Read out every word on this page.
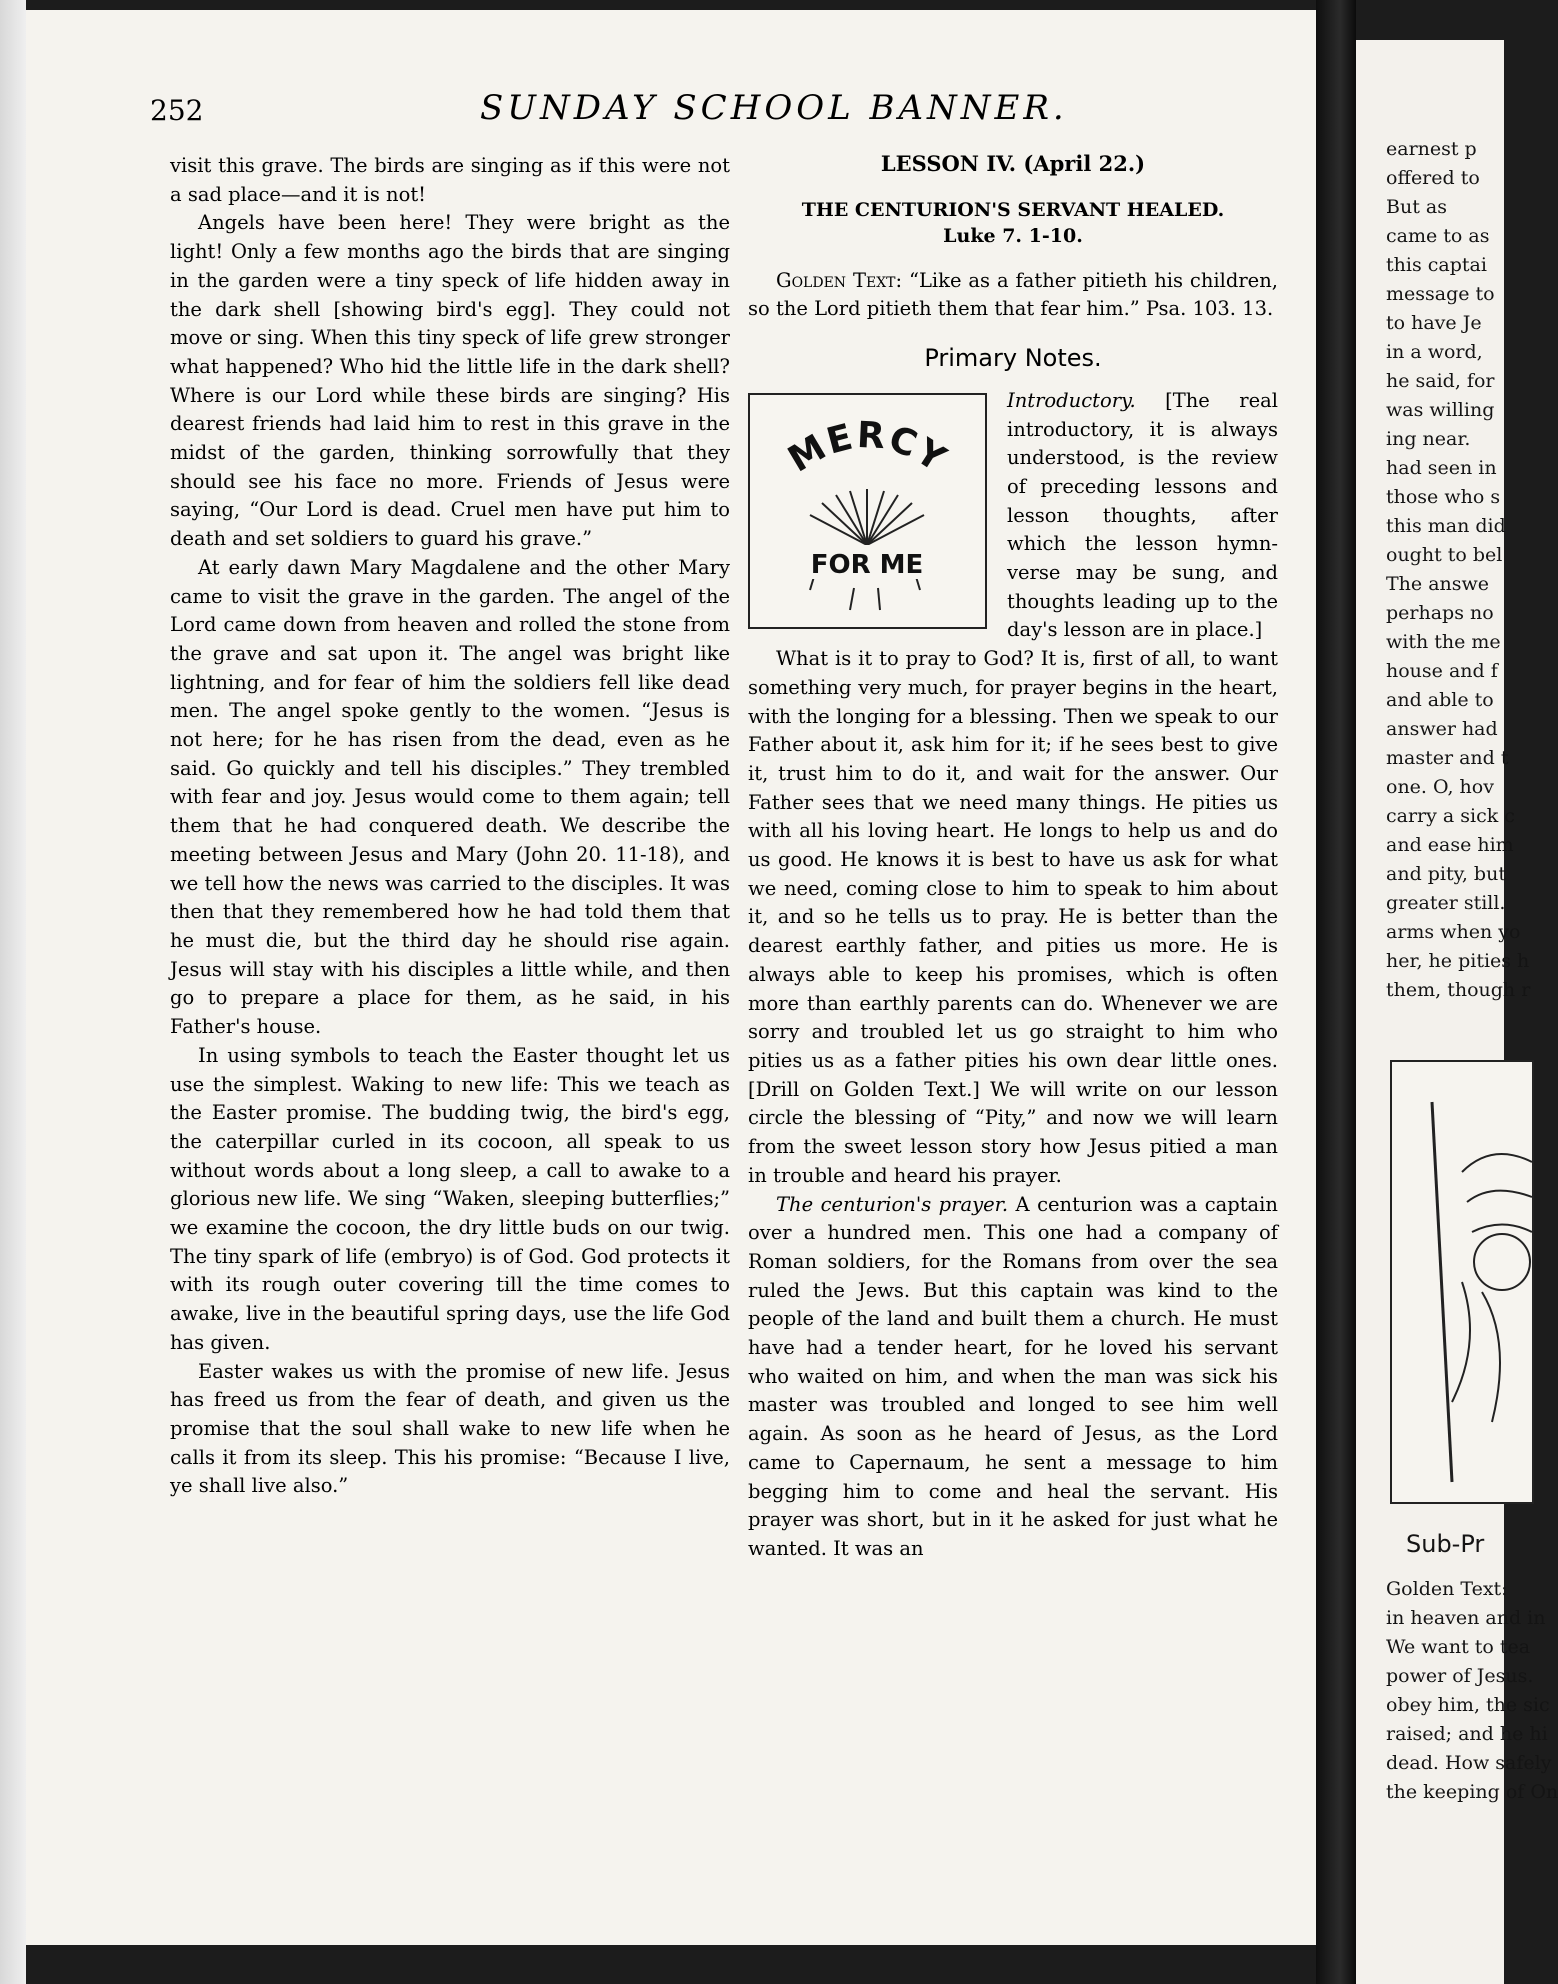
252	SUNDAY SCHOOL BANNER.

visit this grave. The birds are singing as if this were not a sad place—and it is not!

Angels have been here! They were bright as the light! Only a few months ago the birds that are singing in the garden were a tiny speck of life hidden away in the dark shell [showing bird's egg]. They could not move or sing. When this tiny speck of life grew stronger what happened? Who hid the little life in the dark shell? Where is our Lord while these birds are singing? His dearest friends had laid him to rest in this grave in the midst of the garden, thinking sorrowfully that they should see his face no more. Friends of Jesus were saying, “Our Lord is dead. Cruel men have put him to death and set soldiers to guard his grave.”

At early dawn Mary Magdalene and the other Mary came to visit the grave in the garden. The angel of the Lord came down from heaven and rolled the stone from the grave and sat upon it. The angel was bright like lightning, and for fear of him the soldiers fell like dead men. The angel spoke gently to the women. “Jesus is not here; for he has risen from the dead, even as he said. Go quickly and tell his disciples.” They trembled with fear and joy. Jesus would come to them again; tell them that he had conquered death. We describe the meeting between Jesus and Mary (John 20. 11-18), and we tell how the news was carried to the disciples. It was then that they remembered how he had told them that he must die, but the third day he should rise again. Jesus will stay with his disciples a little while, and then go to prepare a place for them, as he said, in his Father's house.

In using symbols to teach the Easter thought let us use the simplest. Waking to new life: This we teach as the Easter promise. The budding twig, the bird's egg, the caterpillar curled in its cocoon, all speak to us without words about a long sleep, a call to awake to a glorious new life. We sing “Waken, sleeping butterflies;” we examine the cocoon, the dry little buds on our twig. The tiny spark of life (embryo) is of God. God protects it with its rough outer covering till the time comes to awake, live in the beautiful spring days, use the life God has given.

Easter wakes us with the promise of new life. Jesus has freed us from the fear of death, and given us the promise that the soul shall wake to new life when he calls it from its sleep. This his promise: “Because I live, ye shall live also.”

LESSON IV. (April 22.)
THE CENTURION'S SERVANT HEALED.
Luke 7. 1-10.

Golden Text: “Like as a father pitieth his children, so the Lord pitieth them that fear him.” Psa. 103. 13.

Primary Notes.
MERCY
FOR ME

Introductory. [The real introductory, it is always understood, is the review of preceding lessons and lesson thoughts, after which the lesson hymn-verse may be sung, and thoughts leading up to the day's lesson are in place.]

What is it to pray to God? It is, first of all, to want something very much, for prayer begins in the heart, with the longing for a blessing. Then we speak to our Father about it, ask him for it; if he sees best to give it, trust him to do it, and wait for the answer. Our Father sees that we need many things. He pities us with all his loving heart. He longs to help us and do us good. He knows it is best to have us ask for what we need, coming close to him to speak to him about it, and so he tells us to pray. He is better than the dearest earthly father, and pities us more. He is always able to keep his promises, which is often more than earthly parents can do. Whenever we are sorry and troubled let us go straight to him who pities us as a father pities his own dear little ones. [Drill on Golden Text.] We will write on our lesson circle the blessing of “Pity,” and now we will learn from the sweet lesson story how Jesus pitied a man in trouble and heard his prayer.

The centurion's prayer. A centurion was a captain over a hundred men. This one had a company of Roman soldiers, for the Romans from over the sea ruled the Jews. But this captain was kind to the people of the land and built them a church. He must have had a tender heart, for he loved his servant who waited on him, and when the man was sick his master was troubled and longed to see him well again. As soon as he heard of Jesus, as the Lord came to Capernaum, he sent a message to him begging him to come and heal the servant. His prayer was short, but in it he asked for just what he wanted. It was an

earnest p
offered to
But as
came to as
this captai
message to
to have Je
in a word,
he said, for
was willing
ing near.
had seen in
those who s
this man did
ought to bel
The answe
perhaps no
with the me
house and f
and able to
answer had
master and t
one. O, hov
carry a sick c
and ease him
and pity, but
greater still.
arms when yo
her, he pities h
them, though r
Sub-Pr
Golden Text:
in heaven and in
We want to tea
power of Jesus.
obey him, the sic
raised; and he hi
dead. How safely
the keeping of On
